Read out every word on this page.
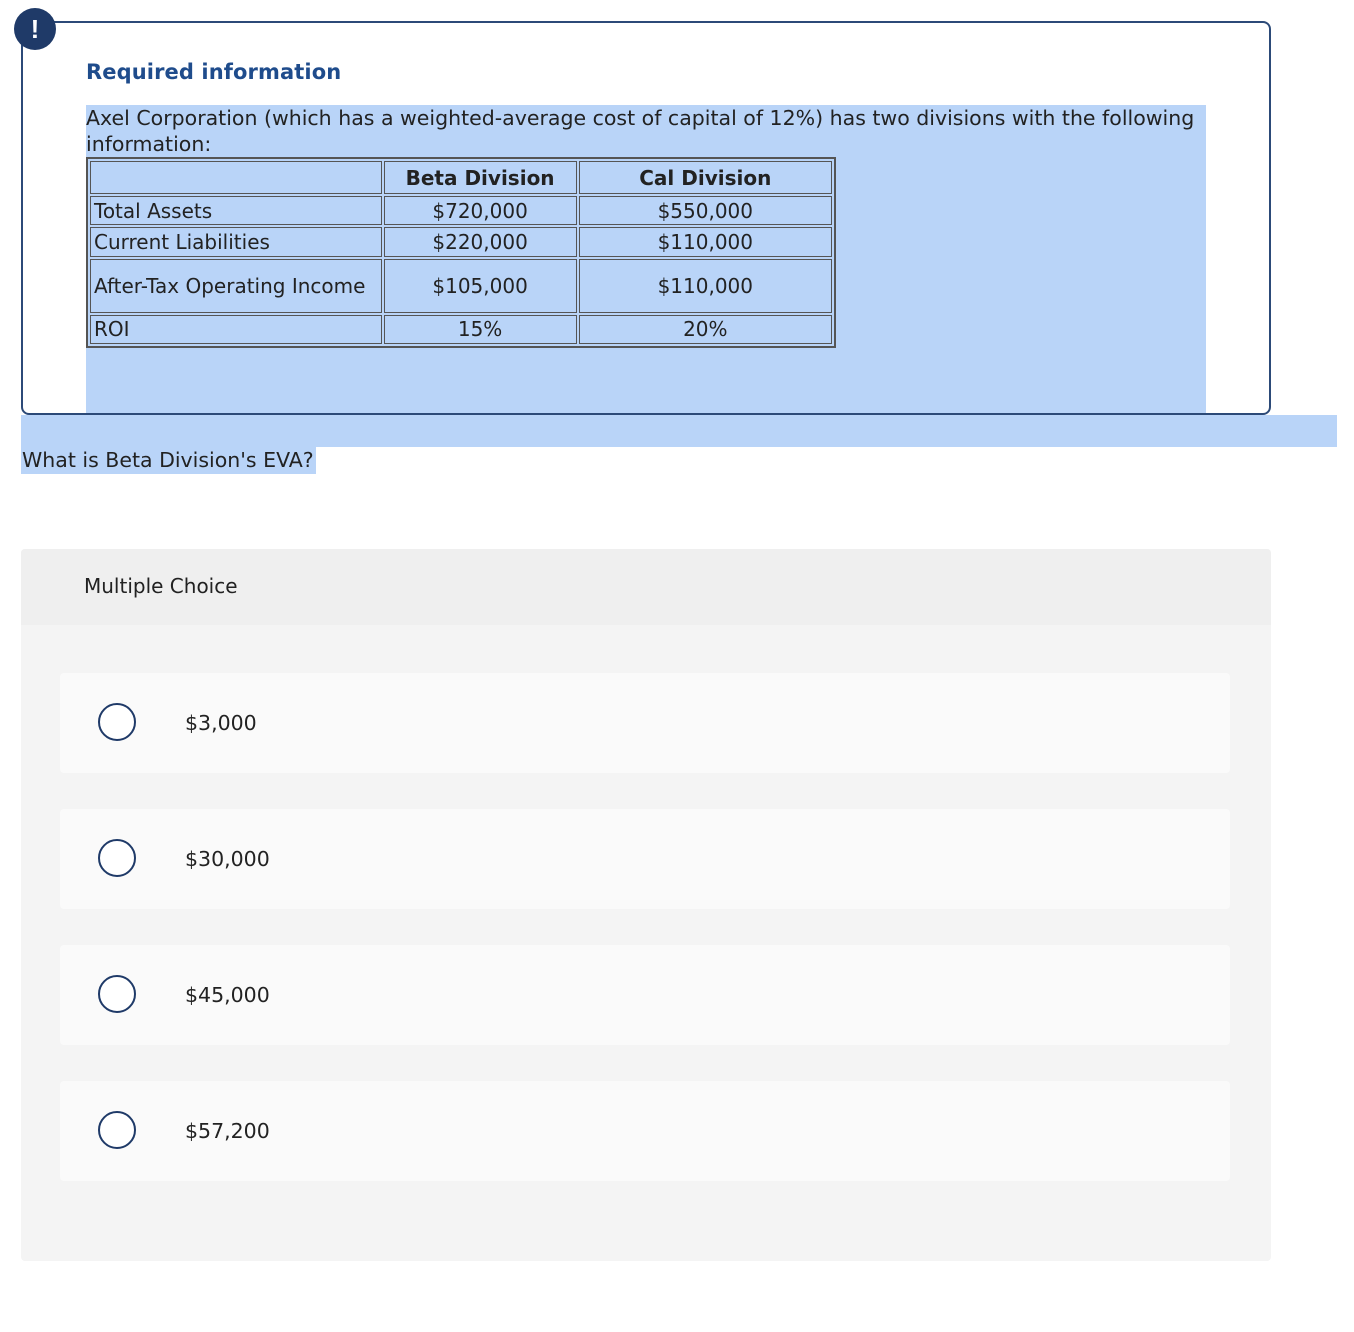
!
Required information

Axel Corporation (which has a weighted-average cost of capital of 12%) has two divisions with the following information:

	Beta Division	Cal Division
Total Assets	$720,000	$550,000
Current Liabilities	$220,000	$110,000
After-Tax Operating Income	$105,000	$110,000
ROI	15%	20%
What is Beta Division's EVA?
Multiple Choice
$3,000
$30,000
$45,000
$57,200
